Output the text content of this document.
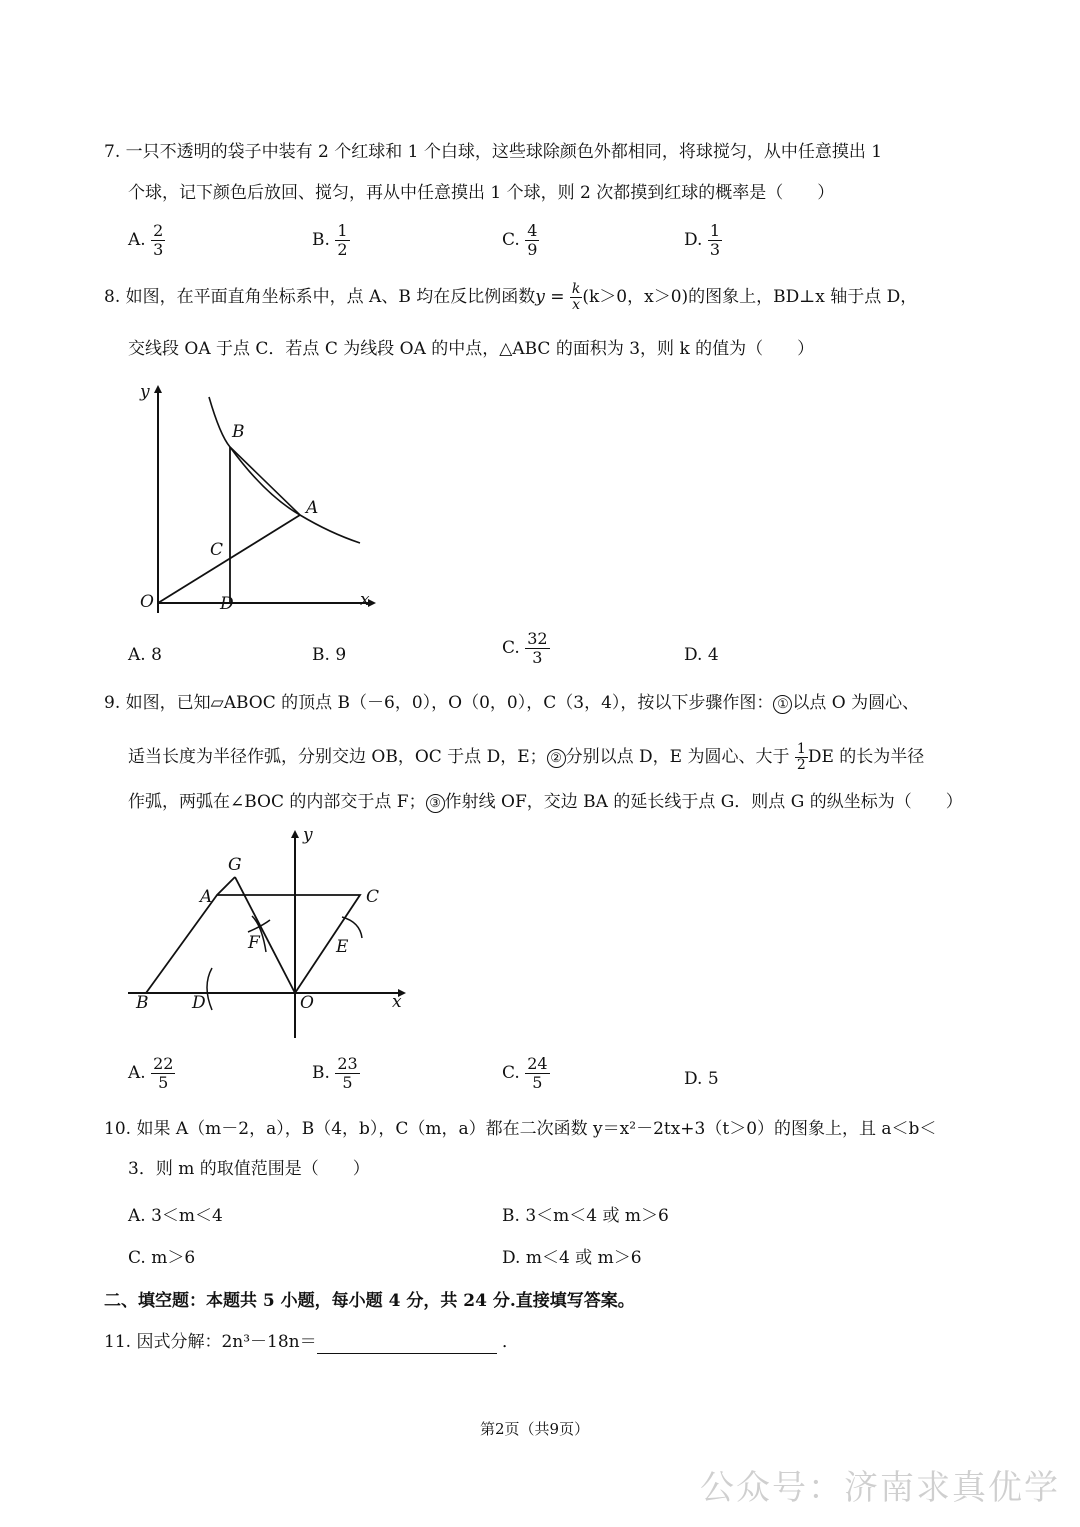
7. 一只不透明的袋子中装有 2 个红球和 1 个白球，这些球除颜色外都相同，将球搅匀，从中任意摸出 1
个球，记下颜色后放回、搅匀，再从中任意摸出 1 个球，则 2 次都摸到红球的概率是（　　）
A. $\frac{2}{3}$	B. $\frac{1}{2}$	C. $\frac{4}{9}$	D. $\frac{1}{3}$
8. 如图，在平面直角坐标系中，点 A、B 均在反比例函数$y = \frac{k}{x} (k>0$，x＞0)的图象上，BD⊥x 轴于点 D，
交线段 OA 于点 C．若点 C 为线段 OA 的中点，△ABC 的面积为 3，则 k 的值为（　　）
y
x
O
B
A
C
D
A. 8	B. 9	C. $\frac{32}{3}$	D. 4
9. 如图，已知▱ABOC 的顶点 B（－6，0），O（0，0），C（3，4），按以下步骤作图： ① 以点 O 为圆心、
适当长度为半径作弧，分别交边 OB，OC 于点 D，E； ② 分别以点 D，E 为圆心、大于 $\frac{1}{2}$ DE 的长为半径
作弧，两弧在∠BOC 的内部交于点 F； ③ 作射线 OF，交边 BA 的延长线于点 G．则点 G 的纵坐标为（　　）
y
x
G
A	C
F	E
B	D	O
A. $\frac{22}{5}$	B. $\frac{23}{5}$	C. $\frac{24}{5}$	D. 5
10. 如果 A（m－2，a），B（4，b），C（m，a）都在二次函数 y＝x²－2tx+3（t＞0）的图象上，且 a＜b＜
3．则 m 的取值范围是（　　）
A. 3＜m＜4	B. 3＜m＜4 或 m＞6
C. m＞6	D. m＜4 或 m＞6
二、填空题：本题共 5 小题，每小题 4 分，共 24 分.直接填写答案。
11. 因式分解：2n³－18n＝	．
第2页（共9页）
公众号：济南求真优学
